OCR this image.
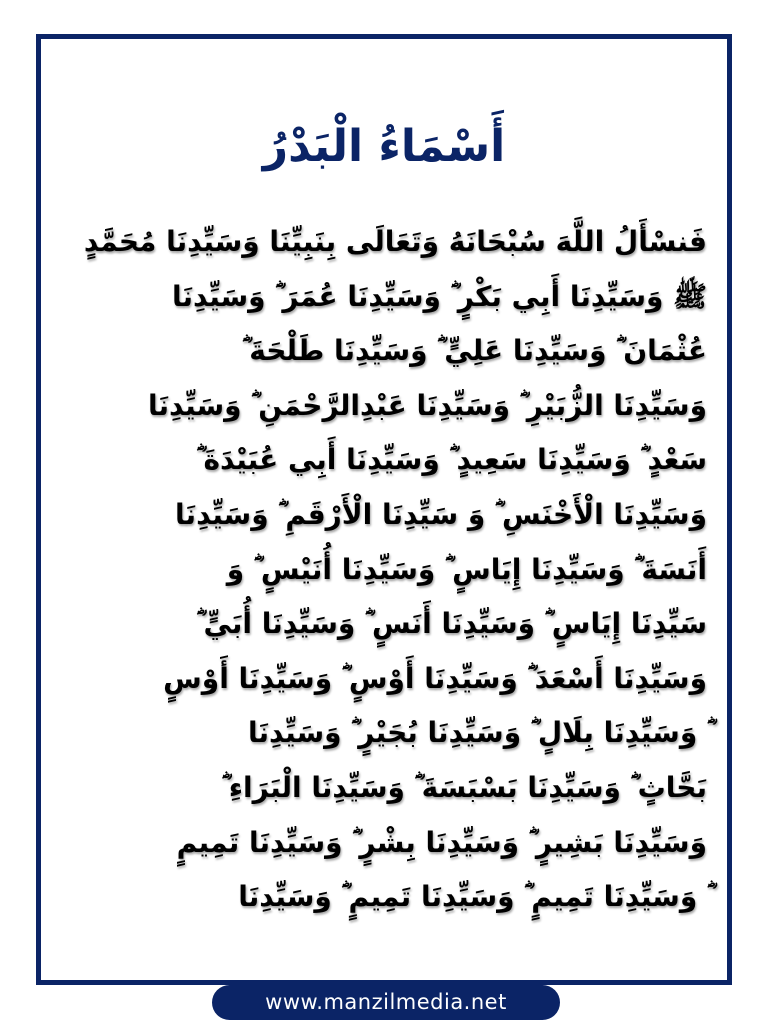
أَسْمَاءُ الْبَدْرُ
فَنسْأَلُ اللَّهَ سُبْحَانَهُ وَتَعَالَى بِنَبِيِّنَا وَسَيِّدِنَا مُحَمَّدٍ
ﷺ وَسَيِّدِنَا أَبِي بَكْرٍ ؓ وَسَيِّدِنَا عُمَرَ ؓ وَسَيِّدِنَا
عُثْمَانَ ؓ وَسَيِّدِنَا عَلِيٍّ ؓ وَسَيِّدِنَا طَلْحَةَ ؓ
وَسَيِّدِنَا الزُّبَيْرِ ؓ وَسَيِّدِنَا عَبْدِالرَّحْمَنِ ؓ وَسَيِّدِنَا
سَعْدٍ ؓ وَسَيِّدِنَا سَعِيدٍ ؓ وَسَيِّدِنَا أَبِي عُبَيْدَةَ ؓ
وَسَيِّدِنَا الْأَخْنَسِ ؓ وَ سَيِّدِنَا الْأَرْقَمِ ؓ وَسَيِّدِنَا
أَنَسَةَ ؓ وَسَيِّدِنَا إِيَاسٍ ؓ وَسَيِّدِنَا أُنَيْسٍ ؓ وَ
سَيِّدِنَا إِيَاسٍ ؓ وَسَيِّدِنَا أَنَسٍ ؓ وَسَيِّدِنَا أُبَيٍّ ؓ
وَسَيِّدِنَا أَسْعَدَ ؓ وَسَيِّدِنَا أَوْسٍ ؓ وَسَيِّدِنَا أَوْسٍ
ؓ وَسَيِّدِنَا بِلَالٍ ؓ وَسَيِّدِنَا بُجَيْرٍ ؓ وَسَيِّدِنَا
بَحَّاثٍ ؓ وَسَيِّدِنَا بَسْبَسَةَ ؓ وَسَيِّدِنَا الْبَرَاءِ ؓ
وَسَيِّدِنَا بَشِيرٍ ؓ وَسَيِّدِنَا بِشْرٍ ؓ وَسَيِّدِنَا تَمِيمٍ
ؓ وَسَيِّدِنَا تَمِيمٍ ؓ وَسَيِّدِنَا تَمِيمٍ ؓ وَسَيِّدِنَا
www.manzilmedia.net
